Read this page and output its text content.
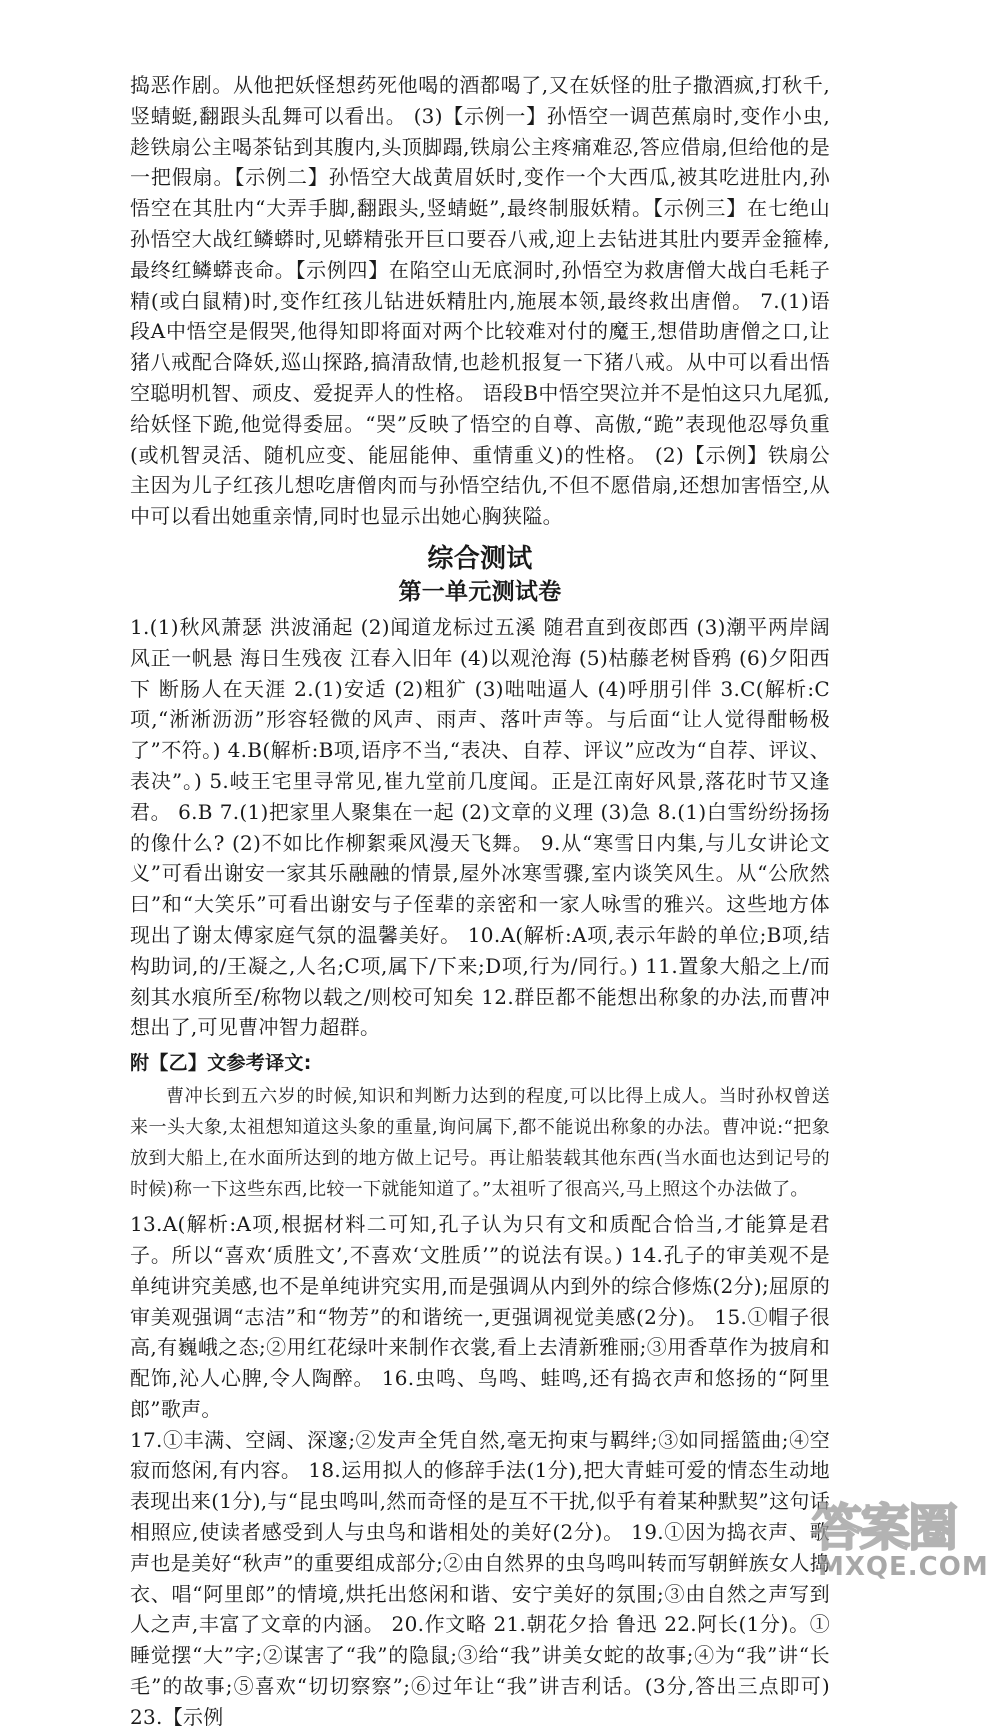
捣恶作剧。从他把妖怪想药死他喝的酒都喝了,又在妖怪的肚子撒酒疯,打秋千,竖蜻蜓,翻跟头乱舞可以看出。 (3)【示例一】孙悟空一调芭蕉扇时,变作小虫,趁铁扇公主喝茶钻到其腹内,头顶脚蹋,铁扇公主疼痛难忍,答应借扇,但给他的是一把假扇。【示例二】孙悟空大战黄眉妖时,变作一个大西瓜,被其吃进肚内,孙悟空在其肚内“大弄手脚,翻跟头,竖蜻蜓”,最终制服妖精。【示例三】在七绝山孙悟空大战红鳞蟒时,见蟒精张开巨口要吞八戒,迎上去钻进其肚内要弄金箍棒,最终红鳞蟒丧命。【示例四】在陷空山无底洞时,孙悟空为救唐僧大战白毛耗子精(或白鼠精)时,变作红孩儿钻进妖精肚内,施展本领,最终救出唐僧。 7.(1)语段A中悟空是假哭,他得知即将面对两个比较难对付的魔王,想借助唐僧之口,让猪八戒配合降妖,巡山探路,搞清敌情,也趁机报复一下猪八戒。从中可以看出悟空聪明机智、顽皮、爱捉弄人的性格。 语段B中悟空哭泣并不是怕这只九尾狐,给妖怪下跪,他觉得委屈。“哭”反映了悟空的自尊、高傲,“跪”表现他忍辱负重(或机智灵活、随机应变、能屈能伸、重情重义)的性格。 (2)【示例】铁扇公主因为儿子红孩儿想吃唐僧肉而与孙悟空结仇,不但不愿借扇,还想加害悟空,从中可以看出她重亲情,同时也显示出她心胸狭隘。

综合测试
第一单元测试卷

1.(1)秋风萧瑟 洪波涌起 (2)闻道龙标过五溪 随君直到夜郎西 (3)潮平两岸阔 风正一帆悬 海日生残夜 江春入旧年 (4)以观沧海 (5)枯藤老树昏鸦 (6)夕阳西下 断肠人在天涯 2.(1)安适 (2)粗犷 (3)咄咄逼人 (4)呼朋引伴 3.C(解析:C项,“淅淅沥沥”形容轻微的风声、雨声、落叶声等。与后面“让人觉得酣畅极了”不符。) 4.B(解析:B项,语序不当,“表决、自荐、评议”应改为“自荐、评议、表决”。) 5.岐王宅里寻常见,崔九堂前几度闻。正是江南好风景,落花时节又逢君。 6.B 7.(1)把家里人聚集在一起 (2)文章的义理 (3)急 8.(1)白雪纷纷扬扬的像什么? (2)不如比作柳絮乘风漫天飞舞。 9.从“寒雪日内集,与儿女讲论文义”可看出谢安一家其乐融融的情景,屋外冰寒雪骤,室内谈笑风生。从“公欣然曰”和“大笑乐”可看出谢安与子侄辈的亲密和一家人咏雪的雅兴。这些地方体现出了谢太傅家庭气氛的温馨美好。 10.A(解析:A项,表示年龄的单位;B项,结构助词,的/王凝之,人名;C项,属下/下来;D项,行为/同行。) 11.置象大船之上/而刻其水痕所至/称物以载之/则校可知矣 12.群臣都不能想出称象的办法,而曹冲想出了,可见曹冲智力超群。

附【乙】文参考译文:

曹冲长到五六岁的时候,知识和判断力达到的程度,可以比得上成人。当时孙权曾送来一头大象,太祖想知道这头象的重量,询问属下,都不能说出称象的办法。曹冲说:“把象放到大船上,在水面所达到的地方做上记号。再让船装载其他东西(当水面也达到记号的时候)称一下这些东西,比较一下就能知道了。”太祖听了很高兴,马上照这个办法做了。

13.A(解析:A项,根据材料二可知,孔子认为只有文和质配合恰当,才能算是君子。所以“喜欢‘质胜文’,不喜欢‘文胜质’”的说法有误。) 14.孔子的审美观不是单纯讲究美感,也不是单纯讲究实用,而是强调从内到外的综合修炼(2分);屈原的审美观强调“志洁”和“物芳”的和谐统一,更强调视觉美感(2分)。 15.①帽子很高,有巍峨之态;②用红花绿叶来制作衣裳,看上去清新雅丽;③用香草作为披肩和配饰,沁人心脾,令人陶醉。 16.虫鸣、鸟鸣、蛙鸣,还有捣衣声和悠扬的“阿里郎”歌声。

17.①丰满、空阔、深邃;②发声全凭自然,毫无拘束与羁绊;③如同摇篮曲;④空寂而悠闲,有内容。 18.运用拟人的修辞手法(1分),把大青蛙可爱的情态生动地表现出来(1分),与“昆虫鸣叫,然而奇怪的是互不干扰,似乎有着某种默契”这句话相照应,使读者感受到人与虫鸟和谐相处的美好(2分)。 19.①因为捣衣声、歌声也是美好“秋声”的重要组成部分;②由自然界的虫鸟鸣叫转而写朝鲜族女人捣衣、唱“阿里郎”的情境,烘托出悠闲和谐、安宁美好的氛围;③由自然之声写到人之声,丰富了文章的内涵。 20.作文略 21.朝花夕拾 鲁迅 22.阿长(1分)。①睡觉摆“大”字;②谋害了“我”的隐鼠;③给“我”讲美女蛇的故事;④为“我”讲“长毛”的故事;⑤喜欢“切切察察”;⑥过年让“我”讲吉利话。(3分,答出三点即可) 23.【示例

答案圈
MXQE.COM
